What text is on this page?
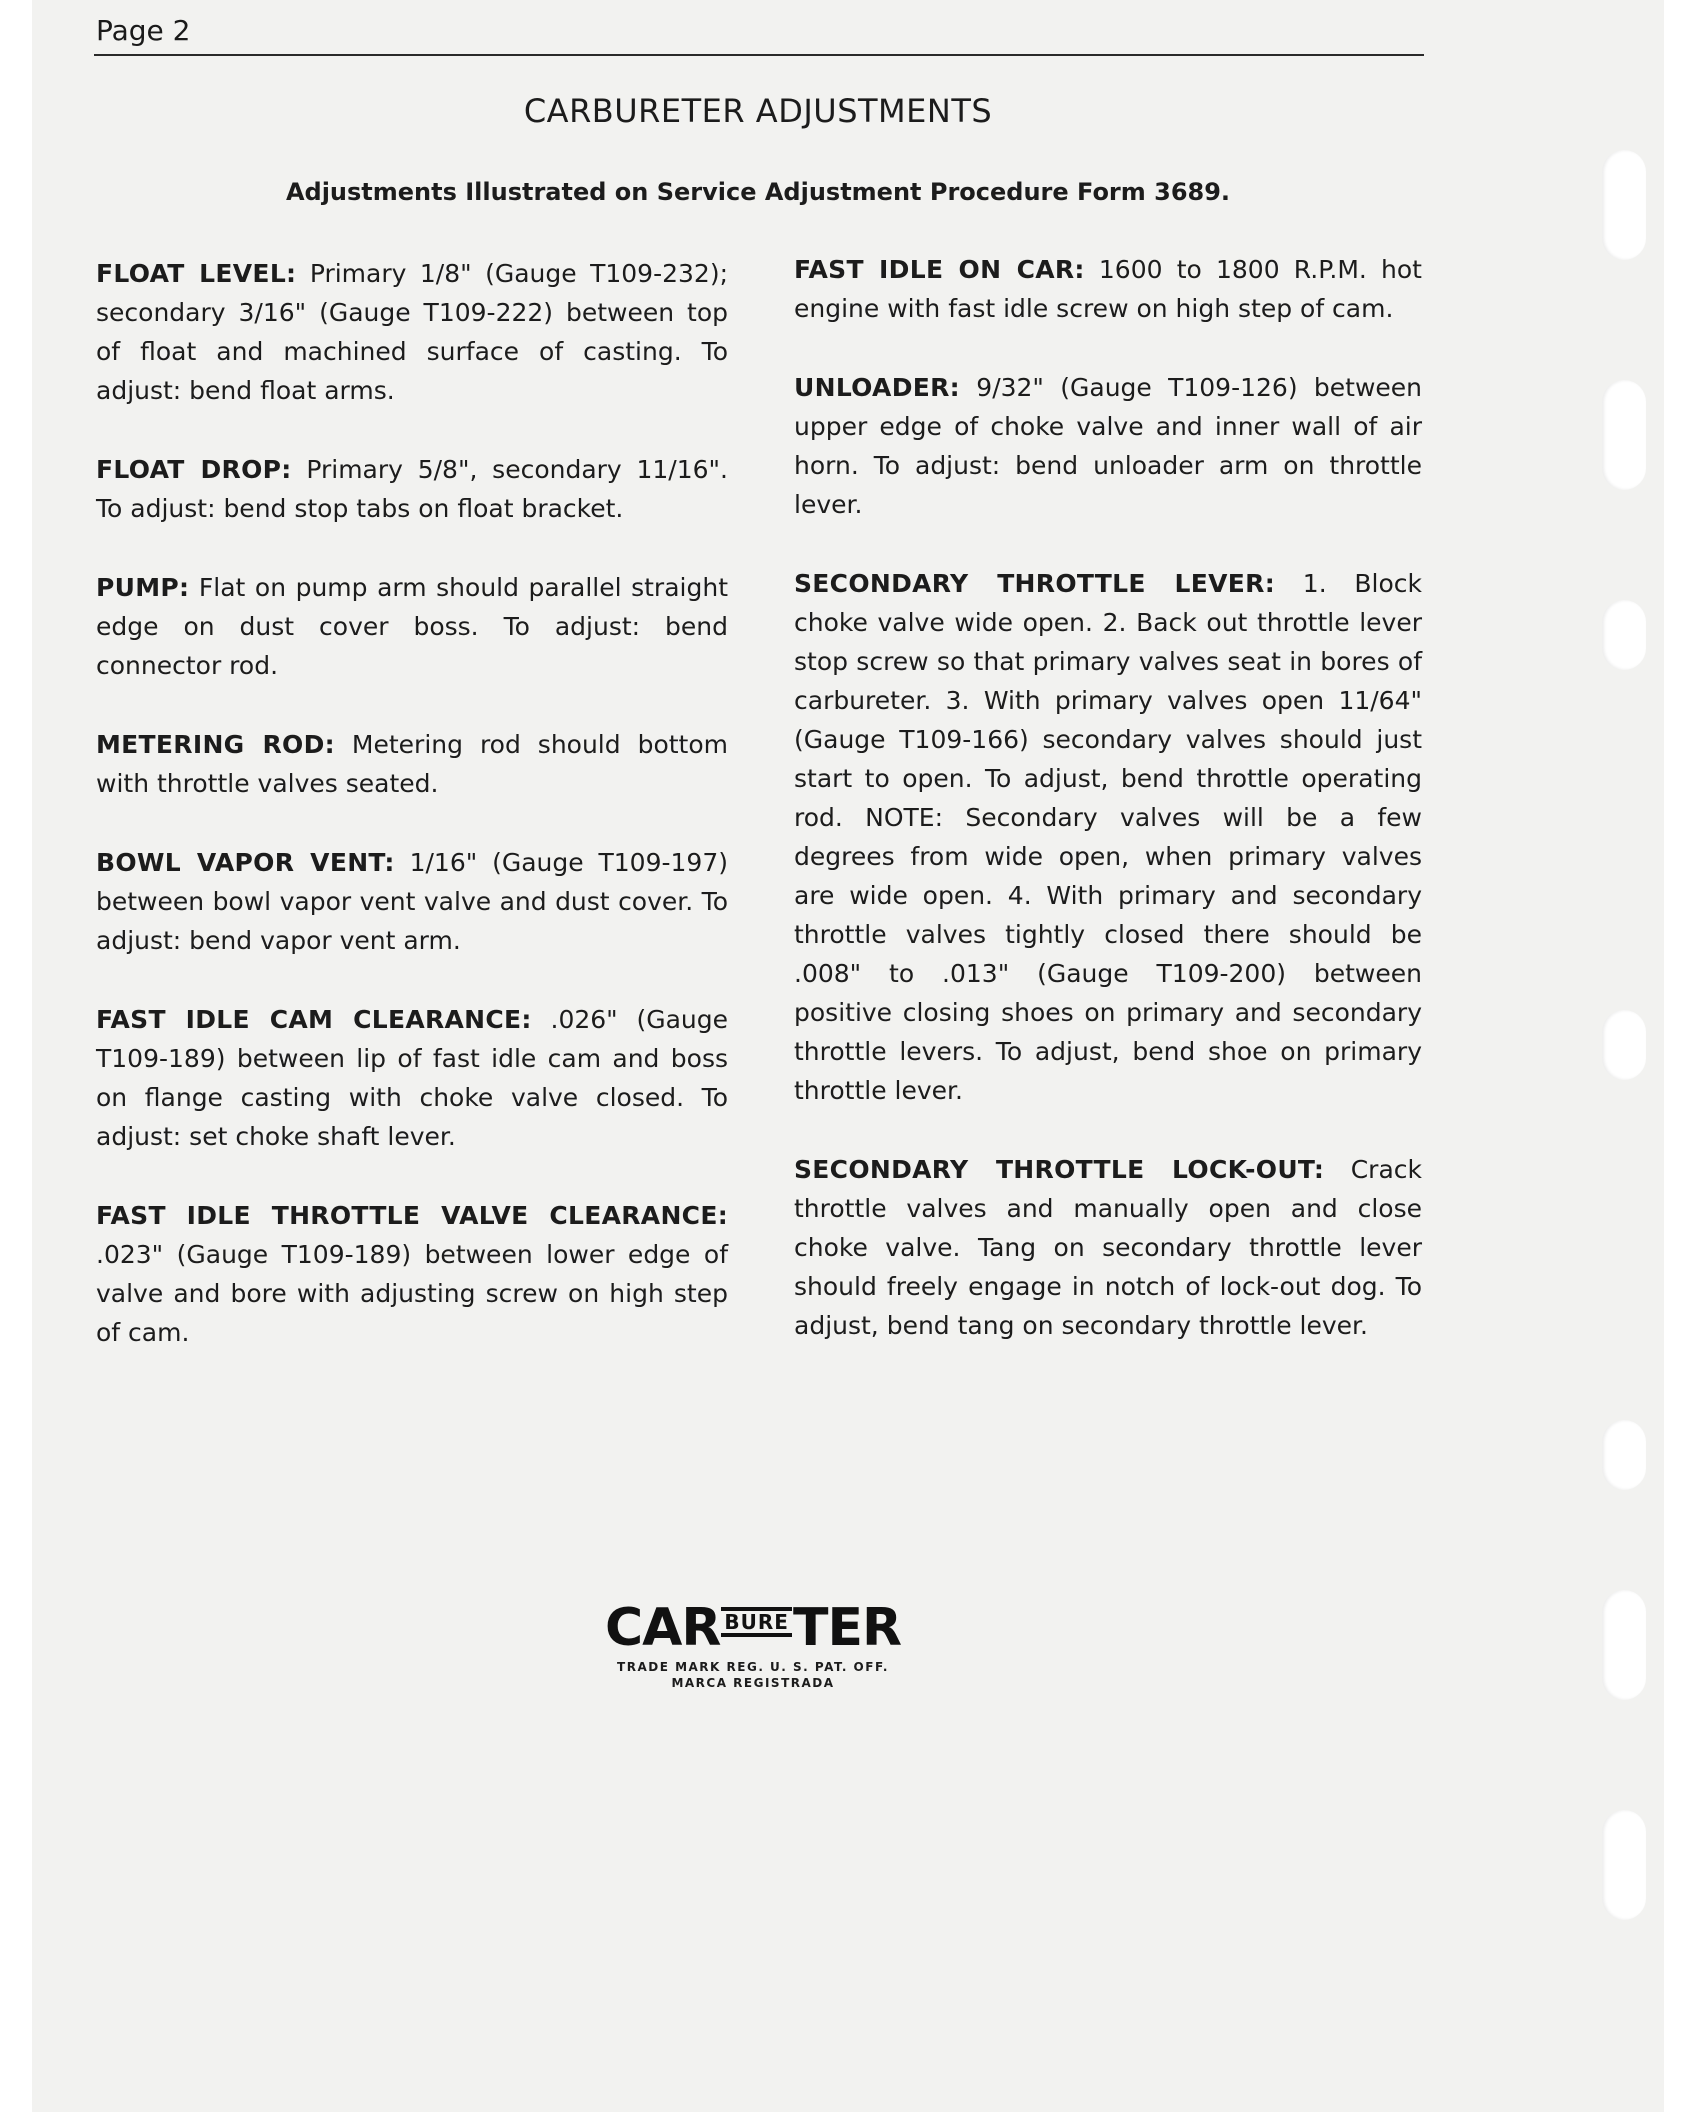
Page 2
CARBURETER ADJUSTMENTS
Adjustments Illustrated on Service Adjustment Procedure Form 3689.

FLOAT LEVEL: Primary 1/8" (Gauge T109-232); secondary 3/16" (Gauge T109-222) between top of float and machined surface of casting. To adjust: bend float arms.

FLOAT DROP: Primary 5/8", secondary 11/16". To adjust: bend stop tabs on float bracket.

PUMP: Flat on pump arm should parallel straight edge on dust cover boss. To adjust: bend connector rod.

METERING ROD: Metering rod should bottom with throttle valves seated.

BOWL VAPOR VENT: 1/16" (Gauge T109-197) between bowl vapor vent valve and dust cover. To adjust: bend vapor vent arm.

FAST IDLE CAM CLEARANCE: .026" (Gauge T109-189) between lip of fast idle cam and boss on flange casting with choke valve closed. To adjust: set choke shaft lever.

FAST IDLE THROTTLE VALVE CLEARANCE: .023" (Gauge T109-189) between lower edge of valve and bore with adjusting screw on high step of cam.

FAST IDLE ON CAR: 1600 to 1800 R.P.M. hot engine with fast idle screw on high step of cam.

UNLOADER: 9/32" (Gauge T109-126) between upper edge of choke valve and inner wall of air horn. To adjust: bend unloader arm on throttle lever.

SECONDARY THROTTLE LEVER: 1. Block choke valve wide open. 2. Back out throttle lever stop screw so that primary valves seat in bores of carbureter. 3. With primary valves open 11/64" (Gauge T109-166) secondary valves should just start to open. To adjust, bend throttle operating rod. NOTE: Secondary valves will be a few degrees from wide open, when primary valves are wide open. 4. With primary and secondary throttle valves tightly closed there should be .008" to .013" (Gauge T109-200) between positive closing shoes on primary and secondary throttle levers. To adjust, bend shoe on primary throttle lever.

SECONDARY THROTTLE LOCK-OUT: Crack throttle valves and manually open and close choke valve. Tang on secondary throttle lever should freely engage in notch of lock-out dog. To adjust, bend tang on secondary throttle lever.

CAR BURE TER
TRADE MARK REG. U. S. PAT. OFF.
MARCA REGISTRADA
